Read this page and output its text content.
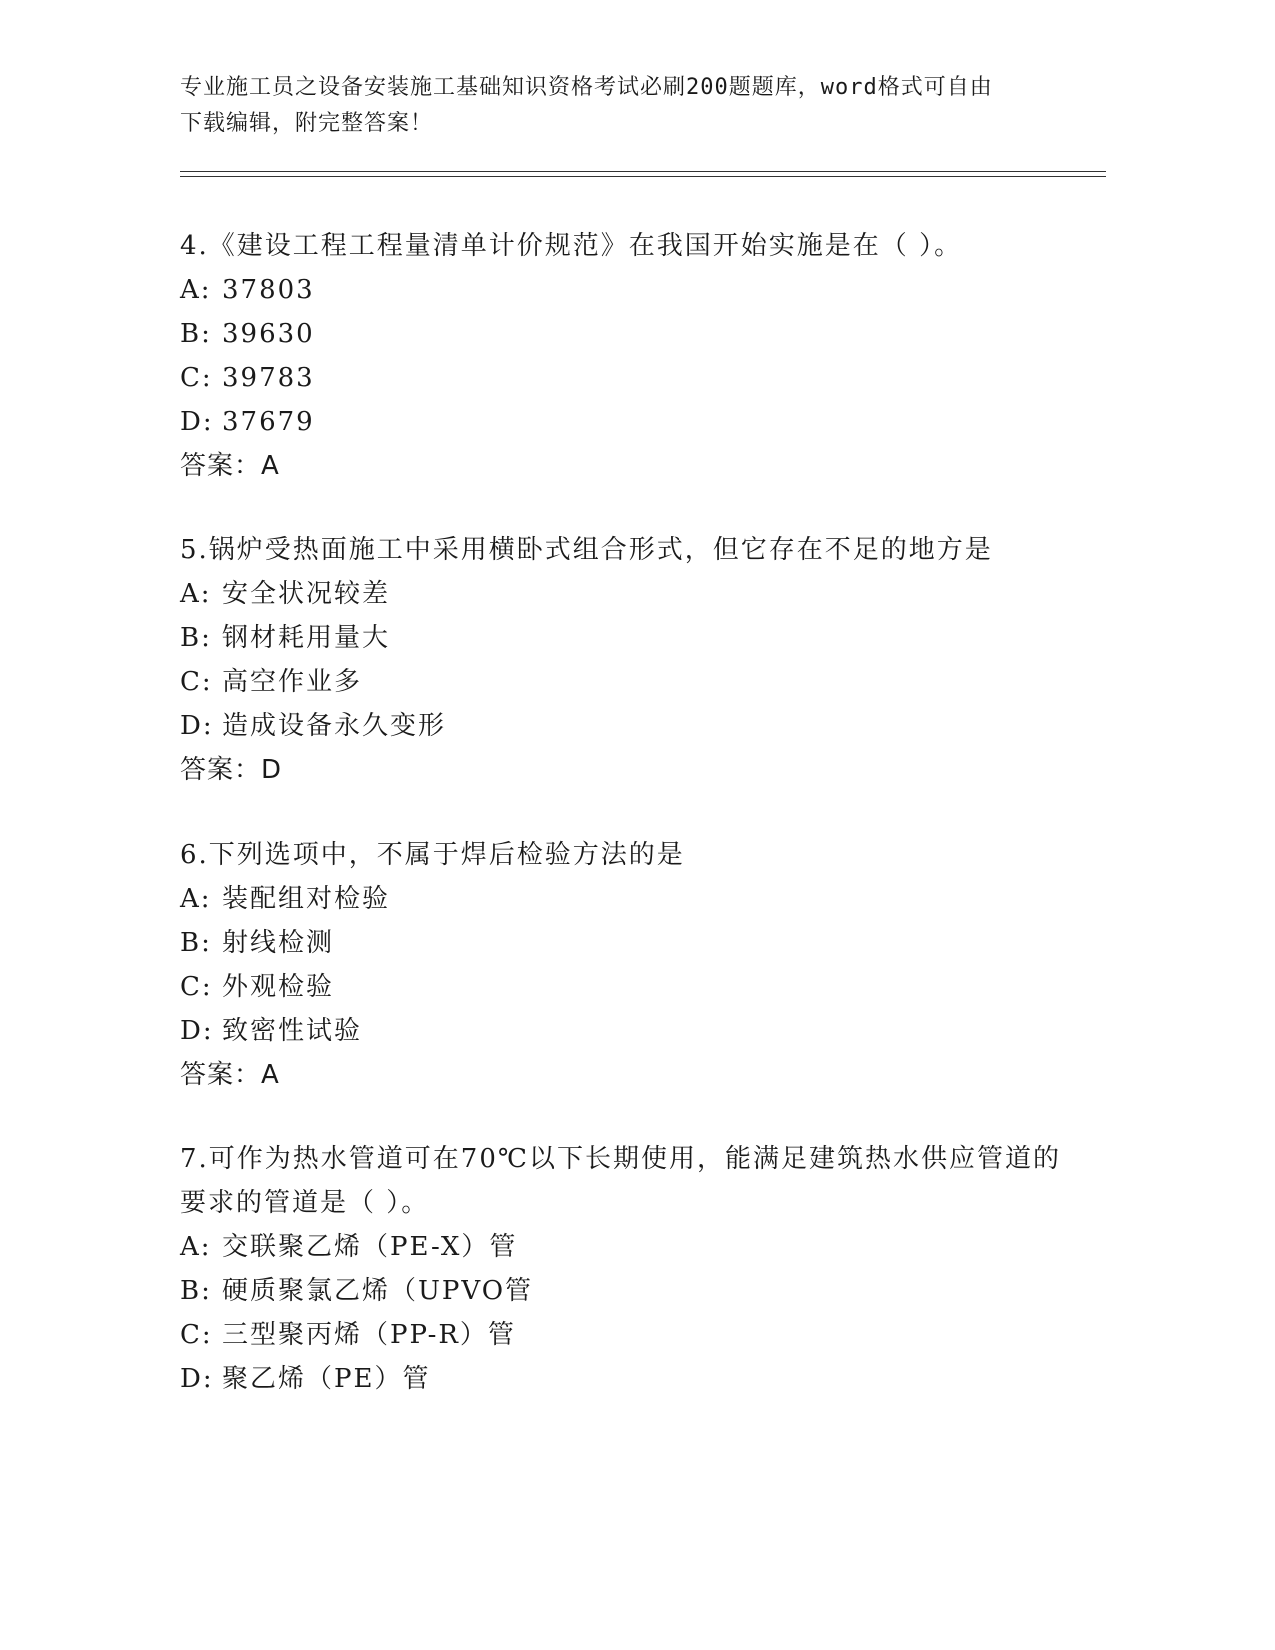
专业施工员之设备安装施工基础知识资格考试必刷200题题库，word格式可自由
下载编辑，附完整答案！
4.《建设工程工程量清单计价规范》在我国开始实施是在（ ）。
A: 37803
B: 39630
C: 39783
D: 37679
答案：A
5.锅炉受热面施工中采用横卧式组合形式，但它存在不足的地方是
A: 安全状况较差
B: 钢材耗用量大
C: 高空作业多
D: 造成设备永久变形
答案：D
6.下列选项中，不属于焊后检验方法的是
A: 装配组对检验
B: 射线检测
C: 外观检验
D: 致密性试验
答案：A
7.可作为热水管道可在70℃以下长期使用，能满足建筑热水供应管道的要求的管道是（ ）。
A: 交联聚乙烯（PE-X）管
B: 硬质聚氯乙烯（UPVO管
C: 三型聚丙烯（PP-R）管
D: 聚乙烯（PE）管
